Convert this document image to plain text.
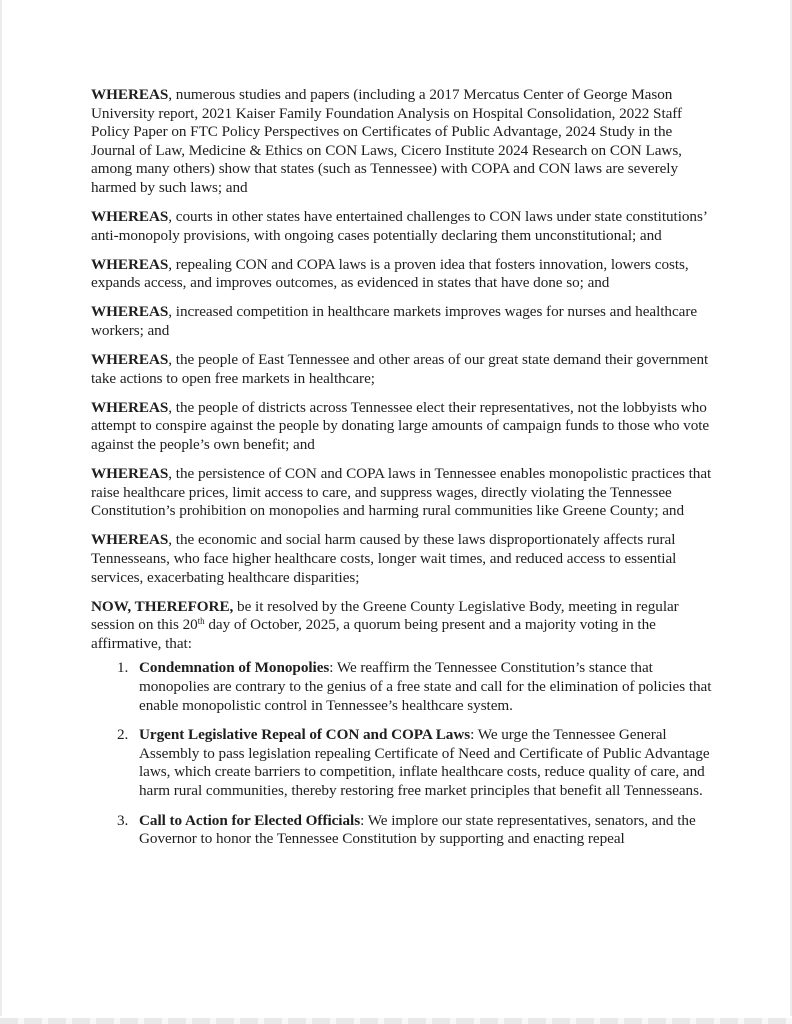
WHEREAS, numerous studies and papers (including a 2017 Mercatus Center of George Mason University report, 2021 Kaiser Family Foundation Analysis on Hospital Consolidation, 2022 Staff Policy Paper on FTC Policy Perspectives on Certificates of Public Advantage, 2024 Study in the Journal of Law, Medicine & Ethics on CON Laws, Cicero Institute 2024 Research on CON Laws, among many others) show that states (such as Tennessee) with COPA and CON laws are severely harmed by such laws; and

WHEREAS, courts in other states have entertained challenges to CON laws under state constitutions’ anti-monopoly provisions, with ongoing cases potentially declaring them unconstitutional; and

WHEREAS, repealing CON and COPA laws is a proven idea that fosters innovation, lowers costs, expands access, and improves outcomes, as evidenced in states that have done so; and

WHEREAS, increased competition in healthcare markets improves wages for nurses and healthcare workers; and

WHEREAS, the people of East Tennessee and other areas of our great state demand their government take actions to open free markets in healthcare;

WHEREAS, the people of districts across Tennessee elect their representatives, not the lobbyists who attempt to conspire against the people by donating large amounts of campaign funds to those who vote against the people’s own benefit; and

WHEREAS, the persistence of CON and COPA laws in Tennessee enables monopolistic practices that raise healthcare prices, limit access to care, and suppress wages, directly violating the Tennessee Constitution’s prohibition on monopolies and harming rural communities like Greene County; and

WHEREAS, the economic and social harm caused by these laws disproportionately affects rural Tennesseans, who face higher healthcare costs, longer wait times, and reduced access to essential services, exacerbating healthcare disparities;

NOW, THEREFORE, be it resolved by the Greene County Legislative Body, meeting in regular session on this 20th day of October, 2025, a quorum being present and a majority voting in the affirmative, that:

1. Condemnation of Monopolies: We reaffirm the Tennessee Constitution’s stance that monopolies are contrary to the genius of a free state and call for the elimination of policies that enable monopolistic control in Tennessee’s healthcare system.
2. Urgent Legislative Repeal of CON and COPA Laws: We urge the Tennessee General Assembly to pass legislation repealing Certificate of Need and Certificate of Public Advantage laws, which create barriers to competition, inflate healthcare costs, reduce quality of care, and harm rural communities, thereby restoring free market principles that benefit all Tennesseans.
3. Call to Action for Elected Officials: We implore our state representatives, senators, and the Governor to honor the Tennessee Constitution by supporting and enacting repeal
